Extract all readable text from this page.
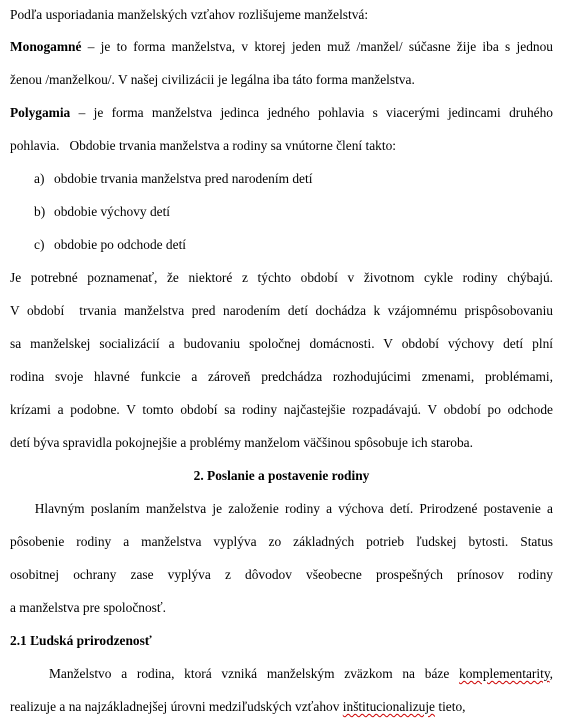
Podľa usporiadania manželských vzťahov rozlišujeme manželstvá:
Monogamné – je to forma manželstva, v ktorej jeden muž /manžel/ súčasne žije iba s jednou
ženou /manželkou/. V našej civilizácii je legálna iba táto forma manželstva.
Polygamia – je forma manželstva jedinca jedného pohlavia s viacerými jedincami druhého
pohlavia.   Obdobie trvania manželstva a rodiny sa vnútorne člení takto:
a) obdobie trvania manželstva pred narodením detí
b) obdobie výchovy detí
c) obdobie po odchode detí
Je potrebné poznamenať, že niektoré z týchto období v životnom cykle rodiny chýbajú.
V období  trvania manželstva pred narodením detí dochádza k vzájomnému prispôsobovaniu
sa manželskej socializácií a budovaniu spoločnej domácnosti. V období výchovy detí plní
rodina svoje hlavné funkcie a zároveň predchádza rozhodujúcimi zmenami, problémami,
krízami a podobne. V tomto období sa rodiny najčastejšie rozpadávajú. V období po odchode
detí býva spravidla pokojnejšie a problémy manželom väčšinou spôsobuje ich staroba.
2. Poslanie a postavenie rodiny
Hlavným poslaním manželstva je založenie rodiny a výchova detí. Prirodzené postavenie a
pôsobenie rodiny a manželstva vyplýva zo základných potrieb ľudskej bytosti. Status
osobitnej ochrany zase vyplýva z dôvodov všeobecne prospešných prínosov rodiny
a manželstva pre spoločnosť.
2.1 Ľudská prirodzenosť
Manželstvo a rodina, ktorá vzniká manželským zväzkom na báze komplementarity,
realizuje a na najzákladnejšej úrovni medziľudských vzťahov inštitucionalizuje tieto,
